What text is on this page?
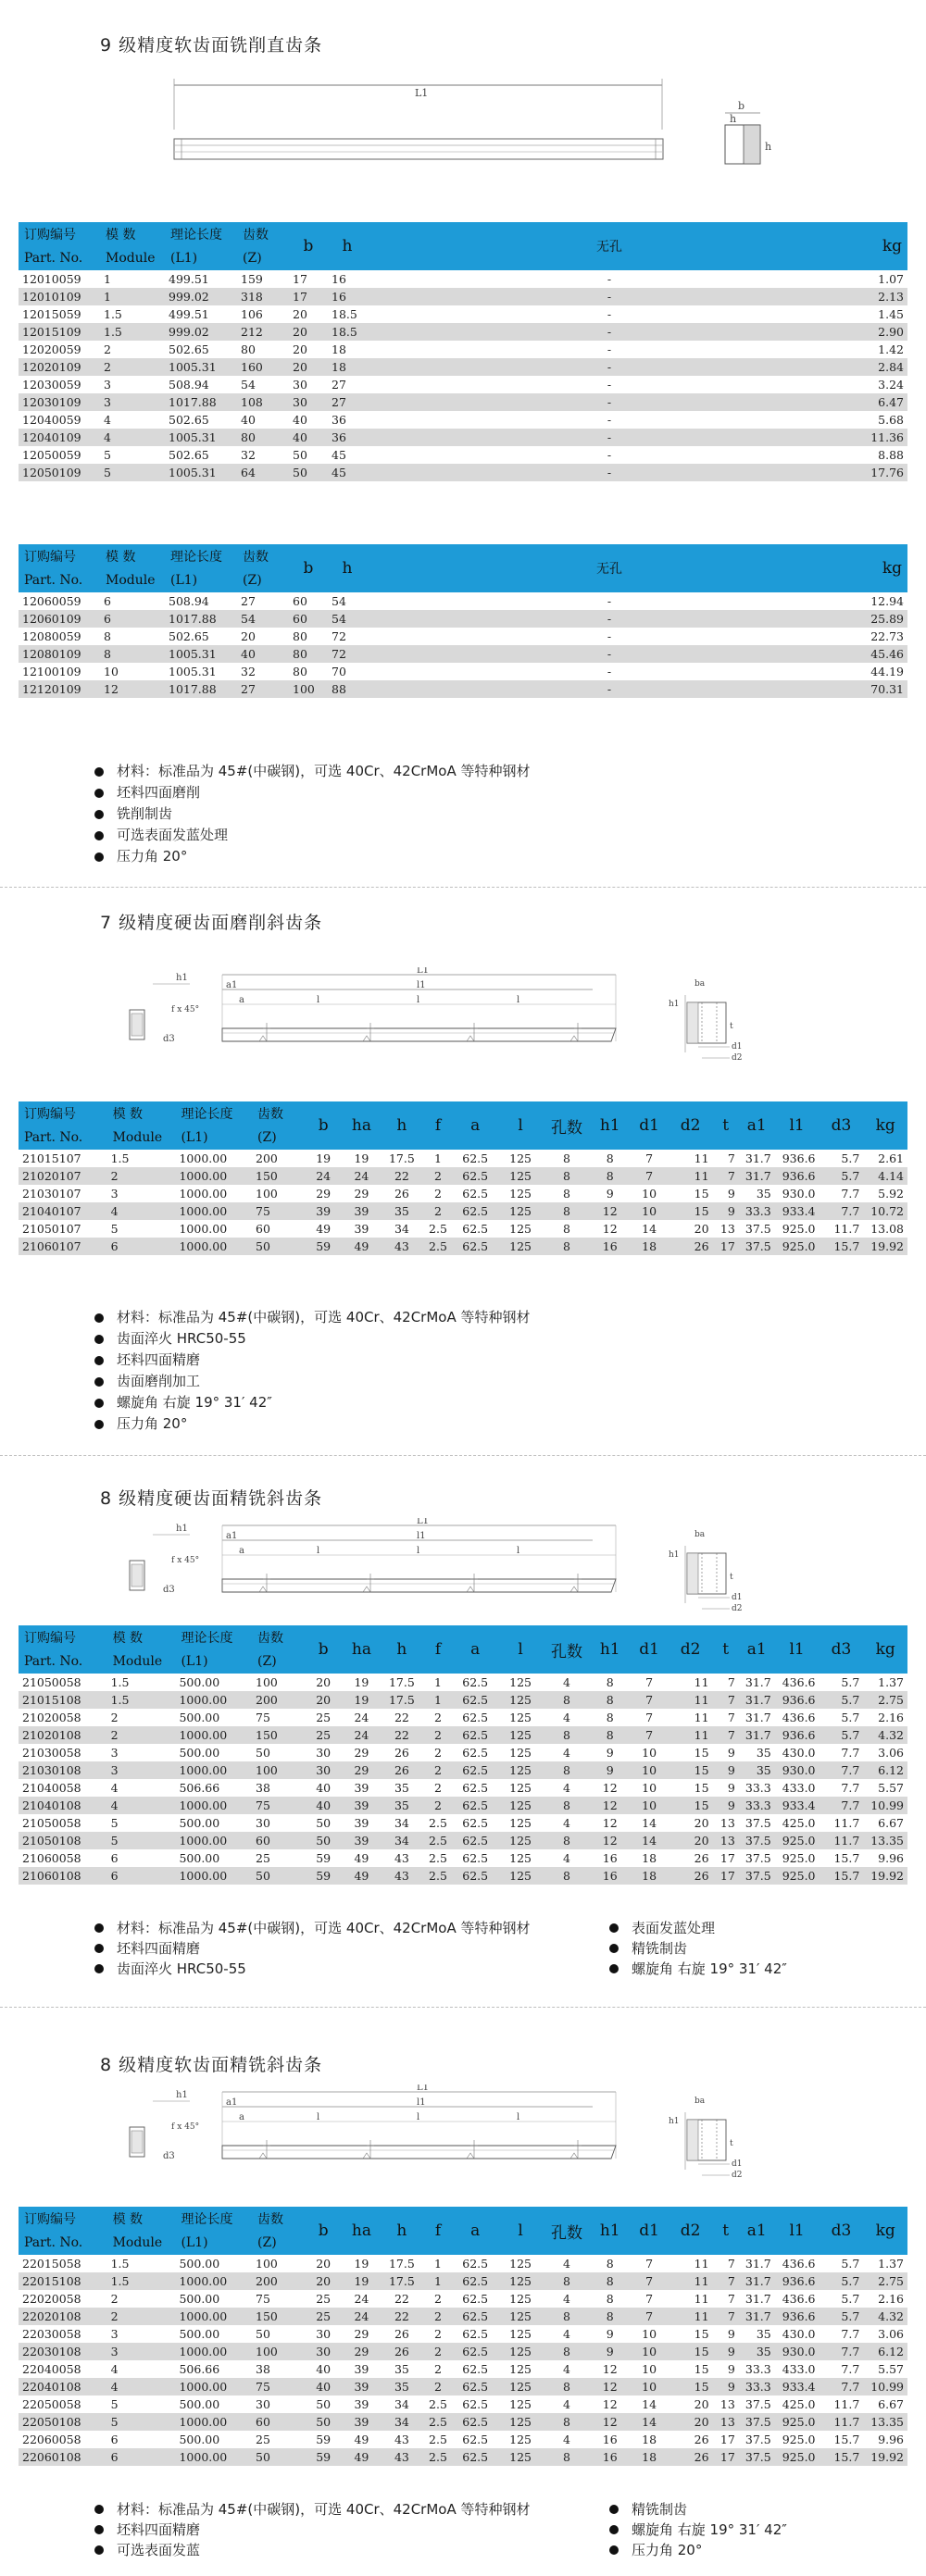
9 级精度软齿面铣削直齿条
L1
b
h
h
订购编号	模 数	理论长度	齿数	b	h	无孔	kg
Part. No.	Module	(L1)	(Z)				
12010059	1	499.51	159	17	16	-	1.07
12010109	1	999.02	318	17	16	-	2.13
12015059	1.5	499.51	106	20	18.5	-	1.45
12015109	1.5	999.02	212	20	18.5	-	2.90
12020059	2	502.65	80	20	18	-	1.42
12020109	2	1005.31	160	20	18	-	2.84
12030059	3	508.94	54	30	27	-	3.24
12030109	3	1017.88	108	30	27	-	6.47
12040059	4	502.65	40	40	36	-	5.68
12040109	4	1005.31	80	40	36	-	11.36
12050059	5	502.65	32	50	45	-	8.88
12050109	5	1005.31	64	50	45	-	17.76
订购编号	模 数	理论长度	齿数	b	h	无孔	kg
Part. No.	Module	(L1)	(Z)				
12060059	6	508.94	27	60	54	-	12.94
12060109	6	1017.88	54	60	54	-	25.89
12080059	8	502.65	20	80	72	-	22.73
12080109	8	1005.31	40	80	72	-	45.46
12100109	10	1005.31	32	80	70	-	44.19
12120109	12	1017.88	27	100	88	-	70.31
材料：标准品为 45#(中碳钢)，可选 40Cr、42CrMoA 等特种钢材
坯料四面磨削
铣削制齿
可选表面发蓝处理
压力角 20°
7 级精度硬齿面磨削斜齿条
L1
l1
a1
a	l	l	l
h1
f x 45°
d3
ba
h1
t
d1
d2
订购编号	模 数	理论长度	齿数	b	ha	h	f	a	l	孔数	h1	d1	d2	t	a1	l1	d3	kg
Part. No.	Module	(L1)	(Z)															
21015107	1.5	1000.00	200	19	19	17.5	1	62.5	125	8	8	7	11	7	31.7	936.6	5.7	2.61
21020107	2	1000.00	150	24	24	22	2	62.5	125	8	8	7	11	7	31.7	936.6	5.7	4.14
21030107	3	1000.00	100	29	29	26	2	62.5	125	8	9	10	15	9	35	930.0	7.7	5.92
21040107	4	1000.00	75	39	39	35	2	62.5	125	8	12	10	15	9	33.3	933.4	7.7	10.72
21050107	5	1000.00	60	49	39	34	2.5	62.5	125	8	12	14	20	13	37.5	925.0	11.7	13.08
21060107	6	1000.00	50	59	49	43	2.5	62.5	125	8	16	18	26	17	37.5	925.0	15.7	19.92
材料：标准品为 45#(中碳钢)，可选 40Cr、42CrMoA 等特种钢材
齿面淬火 HRC50-55
坯料四面精磨
齿面磨削加工
螺旋角 右旋 19° 31′ 42″
压力角 20°
8 级精度硬齿面精铣斜齿条
L1
l1
a1
a	l	l	l
h1
f x 45°
d3
ba
h1
t
d1
d2
订购编号	模 数	理论长度	齿数	b	ha	h	f	a	l	孔数	h1	d1	d2	t	a1	l1	d3	kg
Part. No.	Module	(L1)	(Z)															
21050058	1.5	500.00	100	20	19	17.5	1	62.5	125	4	8	7	11	7	31.7	436.6	5.7	1.37
21015108	1.5	1000.00	200	20	19	17.5	1	62.5	125	8	8	7	11	7	31.7	936.6	5.7	2.75
21020058	2	500.00	75	25	24	22	2	62.5	125	4	8	7	11	7	31.7	436.6	5.7	2.16
21020108	2	1000.00	150	25	24	22	2	62.5	125	8	8	7	11	7	31.7	936.6	5.7	4.32
21030058	3	500.00	50	30	29	26	2	62.5	125	4	9	10	15	9	35	430.0	7.7	3.06
21030108	3	1000.00	100	30	29	26	2	62.5	125	8	9	10	15	9	35	930.0	7.7	6.12
21040058	4	506.66	38	40	39	35	2	62.5	125	4	12	10	15	9	33.3	433.0	7.7	5.57
21040108	4	1000.00	75	40	39	35	2	62.5	125	8	12	10	15	9	33.3	933.4	7.7	10.99
21050058	5	500.00	30	50	39	34	2.5	62.5	125	4	12	14	20	13	37.5	425.0	11.7	6.67
21050108	5	1000.00	60	50	39	34	2.5	62.5	125	8	12	14	20	13	37.5	925.0	11.7	13.35
21060058	6	500.00	25	59	49	43	2.5	62.5	125	4	16	18	26	17	37.5	925.0	15.7	9.96
21060108	6	1000.00	50	59	49	43	2.5	62.5	125	8	16	18	26	17	37.5	925.0	15.7	19.92
材料：标准品为 45#(中碳钢)，可选 40Cr、42CrMoA 等特种钢材
坯料四面精磨
齿面淬火 HRC50-55
表面发蓝处理
精铣制齿
螺旋角 右旋 19° 31′ 42″
8 级精度软齿面精铣斜齿条
L1
l1
a1
a	l	l	l
h1
f x 45°
d3
ba
h1
t
d1
d2
订购编号	模 数	理论长度	齿数	b	ha	h	f	a	l	孔数	h1	d1	d2	t	a1	l1	d3	kg
Part. No.	Module	(L1)	(Z)															
22015058	1.5	500.00	100	20	19	17.5	1	62.5	125	4	8	7	11	7	31.7	436.6	5.7	1.37
22015108	1.5	1000.00	200	20	19	17.5	1	62.5	125	8	8	7	11	7	31.7	936.6	5.7	2.75
22020058	2	500.00	75	25	24	22	2	62.5	125	4	8	7	11	7	31.7	436.6	5.7	2.16
22020108	2	1000.00	150	25	24	22	2	62.5	125	8	8	7	11	7	31.7	936.6	5.7	4.32
22030058	3	500.00	50	30	29	26	2	62.5	125	4	9	10	15	9	35	430.0	7.7	3.06
22030108	3	1000.00	100	30	29	26	2	62.5	125	8	9	10	15	9	35	930.0	7.7	6.12
22040058	4	506.66	38	40	39	35	2	62.5	125	4	12	10	15	9	33.3	433.0	7.7	5.57
22040108	4	1000.00	75	40	39	35	2	62.5	125	8	12	10	15	9	33.3	933.4	7.7	10.99
22050058	5	500.00	30	50	39	34	2.5	62.5	125	4	12	14	20	13	37.5	425.0	11.7	6.67
22050108	5	1000.00	60	50	39	34	2.5	62.5	125	8	12	14	20	13	37.5	925.0	11.7	13.35
22060058	6	500.00	25	59	49	43	2.5	62.5	125	4	16	18	26	17	37.5	925.0	15.7	9.96
22060108	6	1000.00	50	59	49	43	2.5	62.5	125	8	16	18	26	17	37.5	925.0	15.7	19.92
材料：标准品为 45#(中碳钢)，可选 40Cr、42CrMoA 等特种钢材
坯料四面精磨
可选表面发蓝
精铣制齿
螺旋角 右旋 19° 31′ 42″
压力角 20°
